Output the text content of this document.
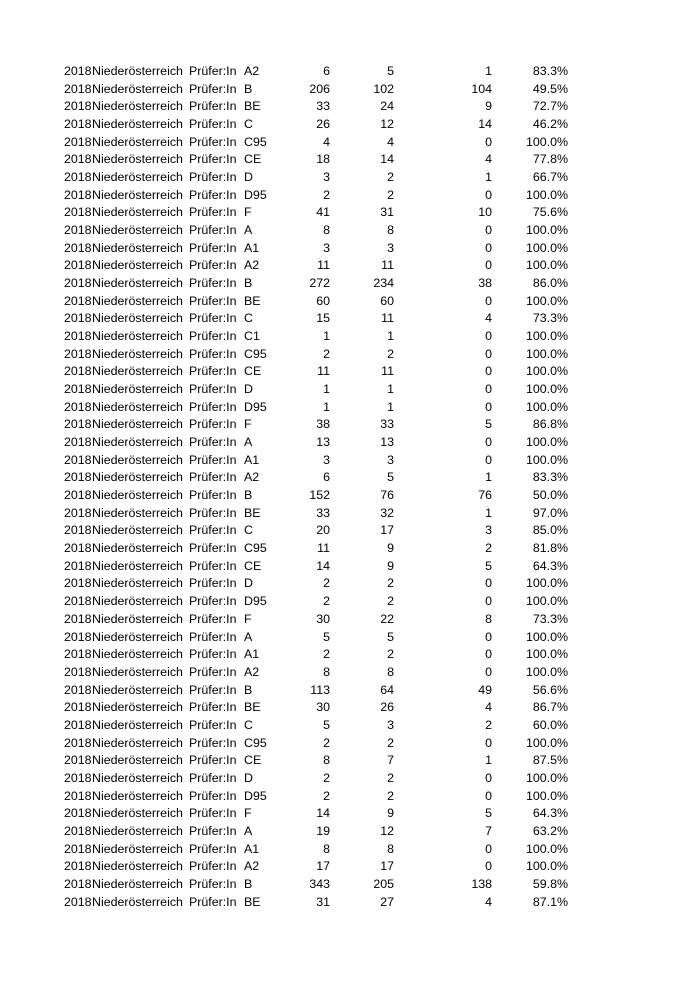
2018 Niederösterreich Prüfer:In A2	6	5	1	83.3%
2018 Niederösterreich Prüfer:In B	206	102	104	49.5%
2018 Niederösterreich Prüfer:In BE	33	24	9	72.7%
2018 Niederösterreich Prüfer:In C	26	12	14	46.2%
2018 Niederösterreich Prüfer:In C95	4	4	0	100.0%
2018 Niederösterreich Prüfer:In CE	18	14	4	77.8%
2018 Niederösterreich Prüfer:In D	3	2	1	66.7%
2018 Niederösterreich Prüfer:In D95	2	2	0	100.0%
2018 Niederösterreich Prüfer:In F	41	31	10	75.6%
2018 Niederösterreich Prüfer:In A	8	8	0	100.0%
2018 Niederösterreich Prüfer:In A1	3	3	0	100.0%
2018 Niederösterreich Prüfer:In A2	11	11	0	100.0%
2018 Niederösterreich Prüfer:In B	272	234	38	86.0%
2018 Niederösterreich Prüfer:In BE	60	60	0	100.0%
2018 Niederösterreich Prüfer:In C	15	11	4	73.3%
2018 Niederösterreich Prüfer:In C1	1	1	0	100.0%
2018 Niederösterreich Prüfer:In C95	2	2	0	100.0%
2018 Niederösterreich Prüfer:In CE	11	11	0	100.0%
2018 Niederösterreich Prüfer:In D	1	1	0	100.0%
2018 Niederösterreich Prüfer:In D95	1	1	0	100.0%
2018 Niederösterreich Prüfer:In F	38	33	5	86.8%
2018 Niederösterreich Prüfer:In A	13	13	0	100.0%
2018 Niederösterreich Prüfer:In A1	3	3	0	100.0%
2018 Niederösterreich Prüfer:In A2	6	5	1	83.3%
2018 Niederösterreich Prüfer:In B	152	76	76	50.0%
2018 Niederösterreich Prüfer:In BE	33	32	1	97.0%
2018 Niederösterreich Prüfer:In C	20	17	3	85.0%
2018 Niederösterreich Prüfer:In C95	11	9	2	81.8%
2018 Niederösterreich Prüfer:In CE	14	9	5	64.3%
2018 Niederösterreich Prüfer:In D	2	2	0	100.0%
2018 Niederösterreich Prüfer:In D95	2	2	0	100.0%
2018 Niederösterreich Prüfer:In F	30	22	8	73.3%
2018 Niederösterreich Prüfer:In A	5	5	0	100.0%
2018 Niederösterreich Prüfer:In A1	2	2	0	100.0%
2018 Niederösterreich Prüfer:In A2	8	8	0	100.0%
2018 Niederösterreich Prüfer:In B	113	64	49	56.6%
2018 Niederösterreich Prüfer:In BE	30	26	4	86.7%
2018 Niederösterreich Prüfer:In C	5	3	2	60.0%
2018 Niederösterreich Prüfer:In C95	2	2	0	100.0%
2018 Niederösterreich Prüfer:In CE	8	7	1	87.5%
2018 Niederösterreich Prüfer:In D	2	2	0	100.0%
2018 Niederösterreich Prüfer:In D95	2	2	0	100.0%
2018 Niederösterreich Prüfer:In F	14	9	5	64.3%
2018 Niederösterreich Prüfer:In A	19	12	7	63.2%
2018 Niederösterreich Prüfer:In A1	8	8	0	100.0%
2018 Niederösterreich Prüfer:In A2	17	17	0	100.0%
2018 Niederösterreich Prüfer:In B	343	205	138	59.8%
2018 Niederösterreich Prüfer:In BE	31	27	4	87.1%
